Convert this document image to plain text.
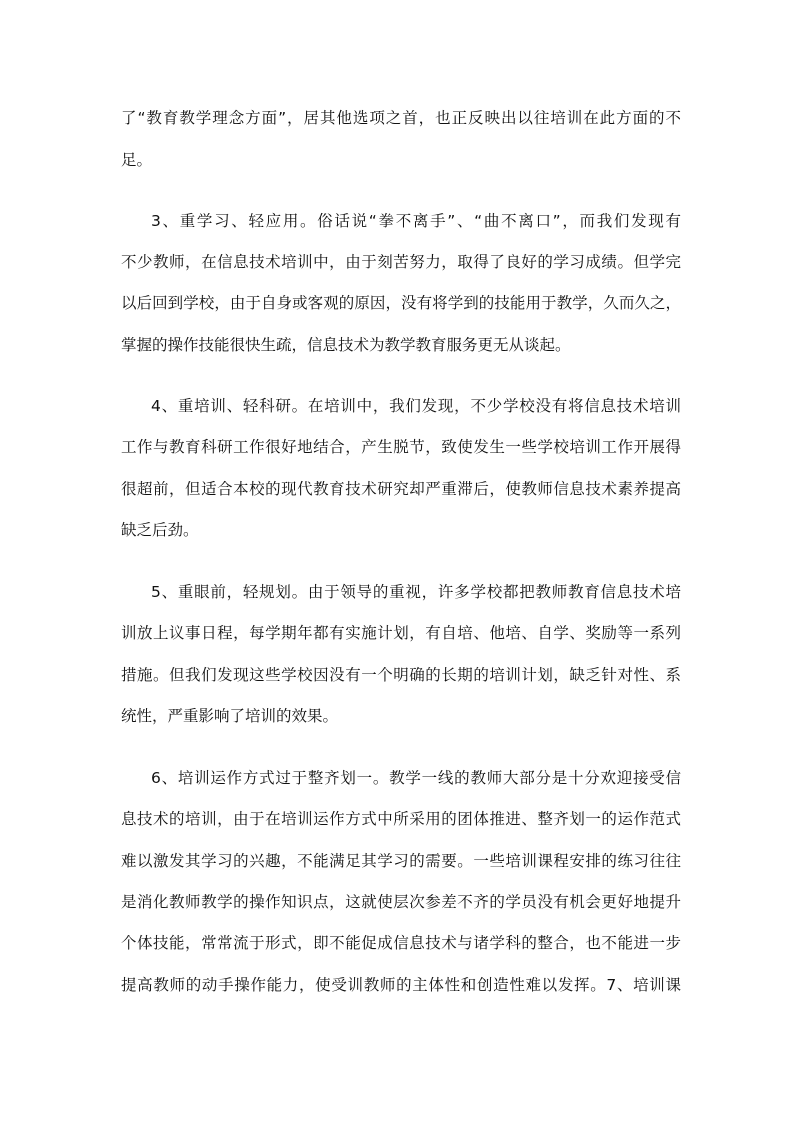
了“教育教学理念方面”，居其他选项之首，也正反映出以往培训在此方面的不
足。
3、重学习、轻应用。俗话说“拳不离手”、“曲不离口”，而我们发现有
不少教师，在信息技术培训中，由于刻苦努力，取得了良好的学习成绩。但学完
以后回到学校，由于自身或客观的原因，没有将学到的技能用于教学，久而久之，
掌握的操作技能很快生疏，信息技术为教学教育服务更无从谈起。
4、重培训、轻科研。在培训中，我们发现，不少学校没有将信息技术培训
工作与教育科研工作很好地结合，产生脱节，致使发生一些学校培训工作开展得
很超前，但适合本校的现代教育技术研究却严重滞后，使教师信息技术素养提高
缺乏后劲。
5、重眼前，轻规划。由于领导的重视，许多学校都把教师教育信息技术培
训放上议事日程，每学期年都有实施计划，有自培、他培、自学、奖励等一系列
措施。但我们发现这些学校因没有一个明确的长期的培训计划，缺乏针对性、系
统性，严重影响了培训的效果。
6、培训运作方式过于整齐划一。教学一线的教师大部分是十分欢迎接受信
息技术的培训，由于在培训运作方式中所采用的团体推进、整齐划一的运作范式
难以激发其学习的兴趣，不能满足其学习的需要。一些培训课程安排的练习往往
是消化教师教学的操作知识点，这就使层次参差不齐的学员没有机会更好地提升
个体技能，常常流于形式，即不能促成信息技术与诸学科的整合，也不能进一步
提高教师的动手操作能力，使受训教师的主体性和创造性难以发挥。7、培训课
